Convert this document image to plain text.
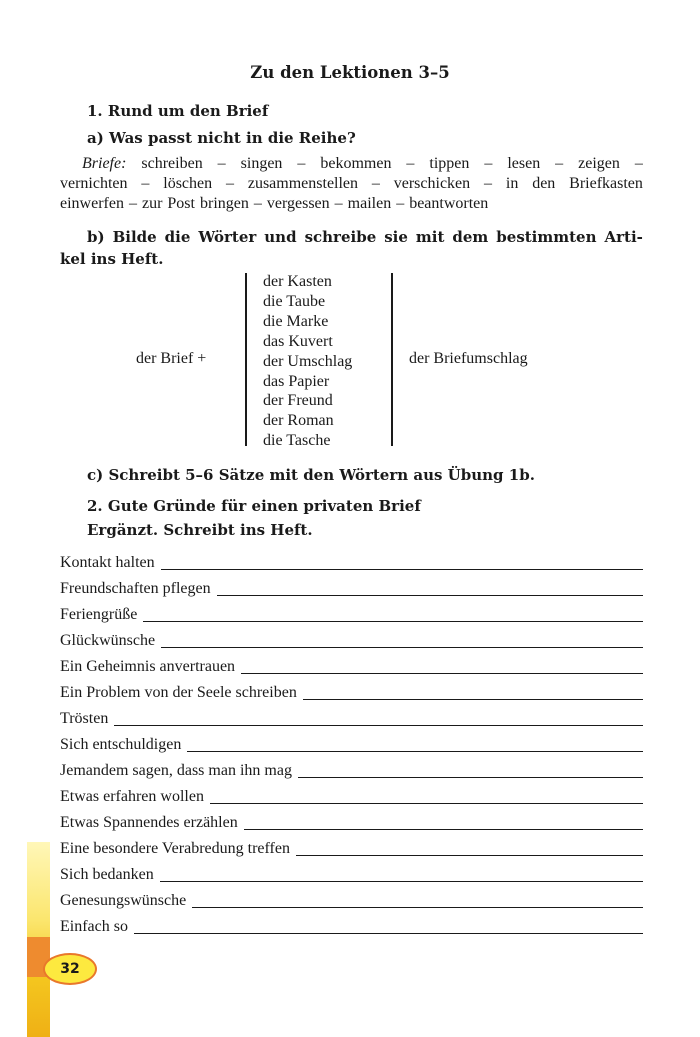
Zu den Lektionen 3–5
1. Rund um den Brief
a) Was passt nicht in die Reihe?
Briefe: schreiben – singen – bekommen – tippen – lesen – zeigen –
vernichten – löschen – zusammenstellen – verschicken – in den Briefkasten
einwerfen – zur Post bringen – vergessen – mailen – beantworten
b) Bilde die Wörter und schreibe sie mit dem bestimmten Arti-
kel ins Heft.
der Brief +
der Kasten
die Taube
die Marke
das Kuvert
der Umschlag
das Papier
der Freund
der Roman
die Tasche
der Briefumschlag
c) Schreibt 5–6 Sätze mit den Wörtern aus Übung 1b.
2. Gute Gründe für einen privaten Brief
Ergänzt. Schreibt ins Heft.
Kontakt halten
Freundschaften pflegen
Feriengrüße
Glückwünsche
Ein Geheimnis anvertrauen
Ein Problem von der Seele schreiben
Trösten
Sich entschuldigen
Jemandem sagen, dass man ihn mag
Etwas erfahren wollen
Etwas Spannendes erzählen
Eine besondere Verabredung treffen
Sich bedanken
Genesungswünsche
Einfach so
32
